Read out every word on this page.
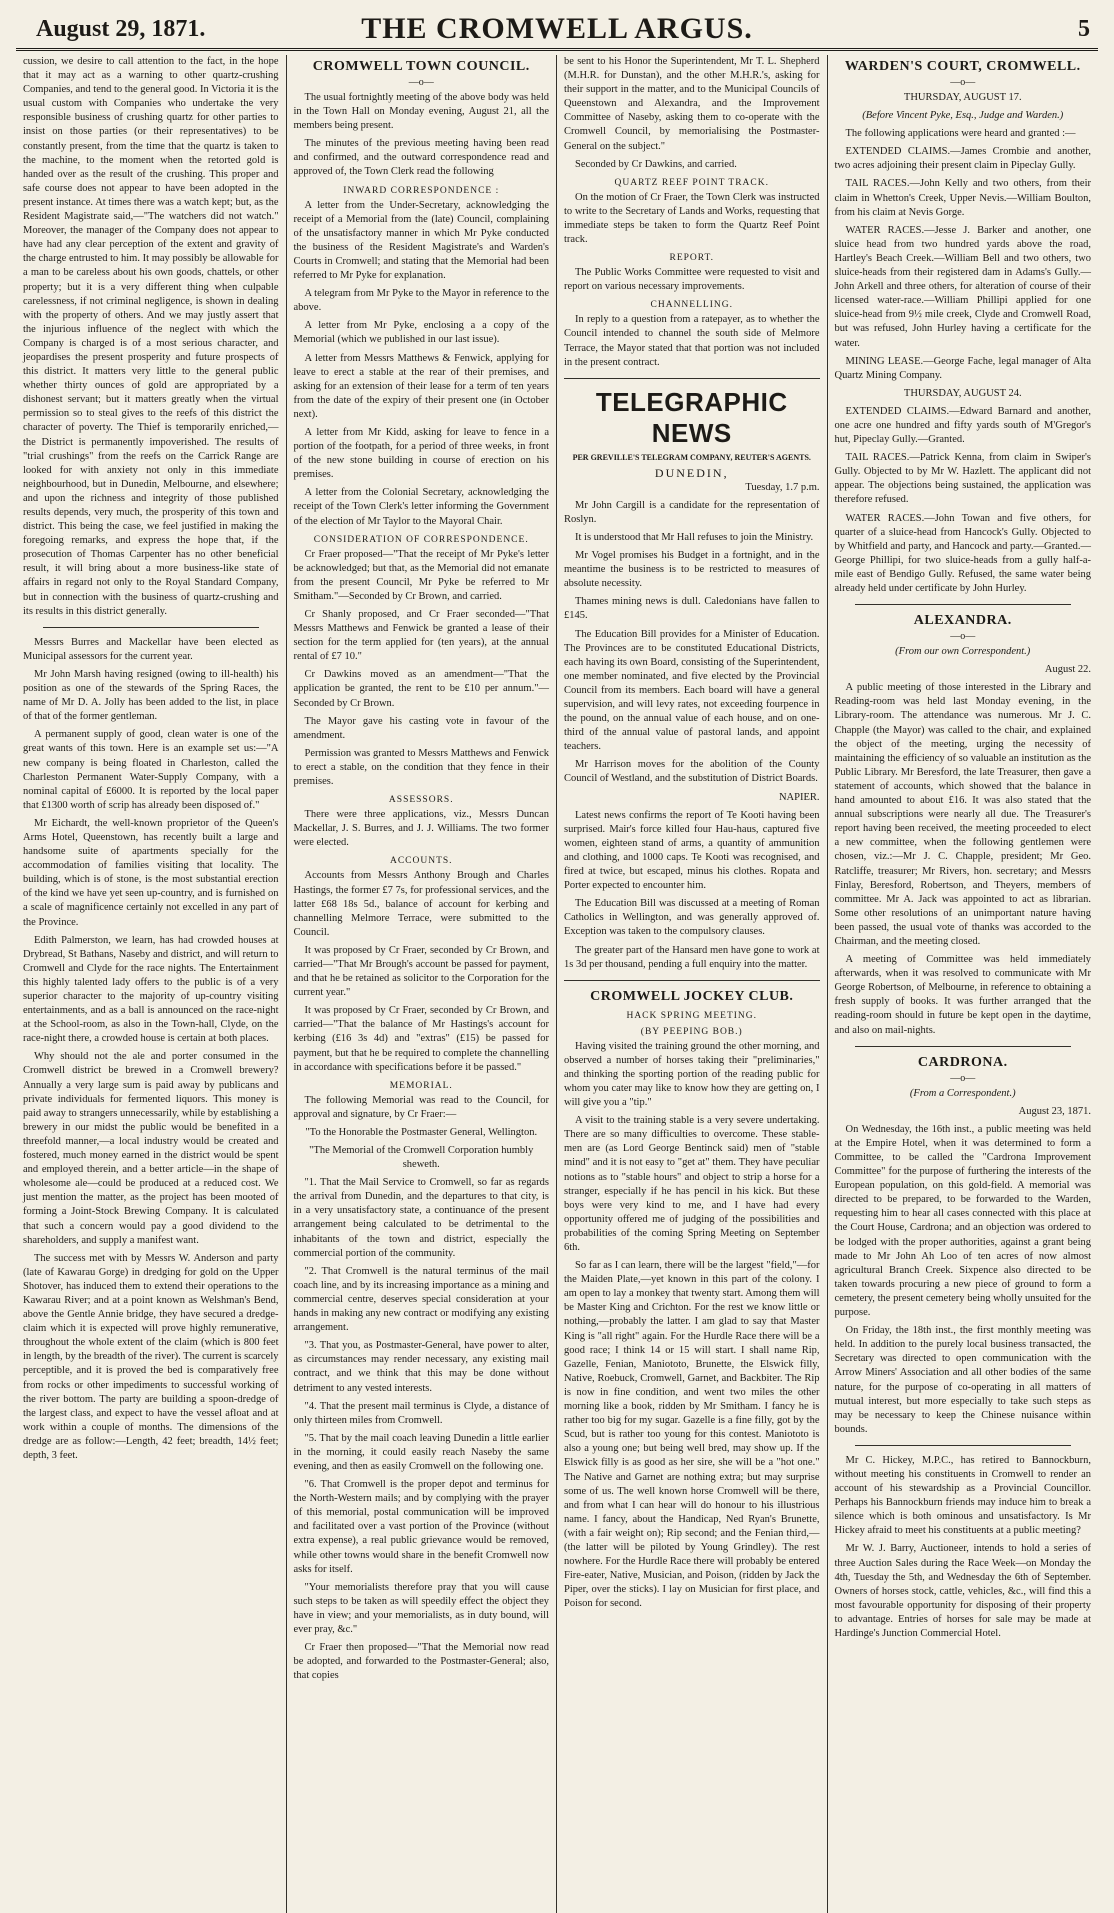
August 29, 1871.	THE CROMWELL ARGUS.	5

cussion, we desire to call attention to the fact, in the hope that it may act as a warning to other quartz-crushing Companies, and tend to the general good. In Victoria it is the usual custom with Companies who undertake the very responsible business of crushing quartz for other parties to insist on those parties (or their representatives) to be constantly present, from the time that the quartz is taken to the machine, to the moment when the retorted gold is handed over as the result of the crushing. This proper and safe course does not appear to have been adopted in the present instance. At times there was a watch kept; but, as the Resident Magistrate said,—"The watchers did not watch." Moreover, the manager of the Company does not appear to have had any clear perception of the extent and gravity of the charge entrusted to him. It may possibly be allowable for a man to be careless about his own goods, chattels, or other property; but it is a very different thing when culpable carelessness, if not criminal negligence, is shown in dealing with the property of others. And we may justly assert that the injurious influence of the neglect with which the Company is charged is of a most serious character, and jeopardises the present prosperity and future prospects of this district. It matters very little to the general public whether thirty ounces of gold are appropriated by a dishonest servant; but it matters greatly when the virtual permission so to steal gives to the reefs of this district the character of poverty. The Thief is temporarily enriched,—the District is permanently impoverished. The results of "trial crushings" from the reefs on the Carrick Range are looked for with anxiety not only in this immediate neighbourhood, but in Dunedin, Melbourne, and elsewhere; and upon the richness and integrity of those published results depends, very much, the prosperity of this town and district. This being the case, we feel justified in making the foregoing remarks, and express the hope that, if the prosecution of Thomas Carpenter has no other beneficial result, it will bring about a more business-like state of affairs in regard not only to the Royal Standard Company, but in connection with the business of quartz-crushing and its results in this district generally.

Messrs Burres and Mackellar have been elected as Municipal assessors for the current year.

Mr John Marsh having resigned (owing to ill-health) his position as one of the stewards of the Spring Races, the name of Mr D. A. Jolly has been added to the list, in place of that of the former gentleman.

A permanent supply of good, clean water is one of the great wants of this town. Here is an example set us:—"A new company is being floated in Charleston, called the Charleston Permanent Water-Supply Company, with a nominal capital of £6000. It is reported by the local paper that £1300 worth of scrip has already been disposed of."

Mr Eichardt, the well-known proprietor of the Queen's Arms Hotel, Queenstown, has recently built a large and handsome suite of apartments specially for the accommodation of families visiting that locality. The building, which is of stone, is the most substantial erection of the kind we have yet seen up-country, and is furnished on a scale of magnificence certainly not excelled in any part of the Province.

Edith Palmerston, we learn, has had crowded houses at Drybread, St Bathans, Naseby and district, and will return to Cromwell and Clyde for the race nights. The Entertainment this highly talented lady offers to the public is of a very superior character to the majority of up-country visiting entertainments, and as a ball is announced on the race-night at the School-room, as also in the Town-hall, Clyde, on the race-night there, a crowded house is certain at both places.

Why should not the ale and porter consumed in the Cromwell district be brewed in a Cromwell brewery? Annually a very large sum is paid away by publicans and private individuals for fermented liquors. This money is paid away to strangers unnecessarily, while by establishing a brewery in our midst the public would be benefited in a threefold manner,—a local industry would be created and fostered, much money earned in the district would be spent and employed therein, and a better article—in the shape of wholesome ale—could be produced at a reduced cost. We just mention the matter, as the project has been mooted of forming a Joint-Stock Brewing Company. It is calculated that such a concern would pay a good dividend to the shareholders, and supply a manifest want.

The success met with by Messrs W. Anderson and party (late of Kawarau Gorge) in dredging for gold on the Upper Shotover, has induced them to extend their operations to the Kawarau River; and at a point known as Welshman's Bend, above the Gentle Annie bridge, they have secured a dredge-claim which it is expected will prove highly remunerative, throughout the whole extent of the claim (which is 800 feet in length, by the breadth of the river). The current is scarcely perceptible, and it is proved the bed is comparatively free from rocks or other impediments to successful working of the river bottom. The party are building a spoon-dredge of the largest class, and expect to have the vessel afloat and at work within a couple of months. The dimensions of the dredge are as follow:—Length, 42 feet; breadth, 14½ feet; depth, 3 feet.

CROMWELL TOWN COUNCIL.
—o—

The usual fortnightly meeting of the above body was held in the Town Hall on Monday evening, August 21, all the members being present.

The minutes of the previous meeting having been read and confirmed, and the outward correspondence read and approved of, the Town Clerk read the following

INWARD CORRESPONDENCE :

A letter from the Under-Secretary, acknowledging the receipt of a Memorial from the (late) Council, complaining of the unsatisfactory manner in which Mr Pyke conducted the business of the Resident Magistrate's and Warden's Courts in Cromwell; and stating that the Memorial had been referred to Mr Pyke for explanation.

A telegram from Mr Pyke to the Mayor in reference to the above.

A letter from Mr Pyke, enclosing a a copy of the Memorial (which we published in our last issue).

A letter from Messrs Matthews & Fenwick, applying for leave to erect a stable at the rear of their premises, and asking for an extension of their lease for a term of ten years from the date of the expiry of their present one (in October next).

A letter from Mr Kidd, asking for leave to fence in a portion of the footpath, for a period of three weeks, in front of the new stone building in course of erection on his premises.

A letter from the Colonial Secretary, acknowledging the receipt of the Town Clerk's letter informing the Government of the election of Mr Taylor to the Mayoral Chair.

CONSIDERATION OF CORRESPONDENCE.

Cr Fraer proposed—"That the receipt of Mr Pyke's letter be acknowledged; but that, as the Memorial did not emanate from the present Council, Mr Pyke be referred to Mr Smitham."—Seconded by Cr Brown, and carried.

Cr Shanly proposed, and Cr Fraer seconded—"That Messrs Matthews and Fenwick be granted a lease of their section for the term applied for (ten years), at the annual rental of £7 10."

Cr Dawkins moved as an amendment—"That the application be granted, the rent to be £10 per annum."—Seconded by Cr Brown.

The Mayor gave his casting vote in favour of the amendment.

Permission was granted to Messrs Matthews and Fenwick to erect a stable, on the condition that they fence in their premises.

ASSESSORS.

There were three applications, viz., Messrs Duncan Mackellar, J. S. Burres, and J. J. Williams. The two former were elected.

ACCOUNTS.

Accounts from Messrs Anthony Brough and Charles Hastings, the former £7 7s, for professional services, and the latter £68 18s 5d., balance of account for kerbing and channelling Melmore Terrace, were submitted to the Council.

It was proposed by Cr Fraer, seconded by Cr Brown, and carried—"That Mr Brough's account be passed for payment, and that he be retained as solicitor to the Corporation for the current year."

It was proposed by Cr Fraer, seconded by Cr Brown, and carried—"That the balance of Mr Hastings's account for kerbing (£16 3s 4d) and "extras" (£15) be passed for payment, but that he be required to complete the channelling in accordance with specifications before it be passed."

MEMORIAL.

The following Memorial was read to the Council, for approval and signature, by Cr Fraer:—

"To the Honorable the Postmaster General, Wellington.

"The Memorial of the Cromwell Corporation humbly sheweth.

"1. That the Mail Service to Cromwell, so far as regards the arrival from Dunedin, and the departures to that city, is in a very unsatisfactory state, a continuance of the present arrangement being calculated to be detrimental to the inhabitants of the town and district, especially the commercial portion of the community.

"2. That Cromwell is the natural terminus of the mail coach line, and by its increasing importance as a mining and commercial centre, deserves special consideration at your hands in making any new contract or modifying any existing arrangement.

"3. That you, as Postmaster-General, have power to alter, as circumstances may render necessary, any existing mail contract, and we think that this may be done without detriment to any vested interests.

"4. That the present mail terminus is Clyde, a distance of only thirteen miles from Cromwell.

"5. That by the mail coach leaving Dunedin a little earlier in the morning, it could easily reach Naseby the same evening, and then as easily Cromwell on the following one.

"6. That Cromwell is the proper depot and terminus for the North-Western mails; and by complying with the prayer of this memorial, postal communication will be improved and facilitated over a vast portion of the Province (without extra expense), a real public grievance would be removed, while other towns would share in the benefit Cromwell now asks for itself.

"Your memorialists therefore pray that you will cause such steps to be taken as will speedily effect the object they have in view; and your memorialists, as in duty bound, will ever pray, &c."

Cr Fraer then proposed—"That the Memorial now read be adopted, and forwarded to the Postmaster-General; also, that copies

be sent to his Honor the Superintendent, Mr T. L. Shepherd (M.H.R. for Dunstan), and the other M.H.R.'s, asking for their support in the matter, and to the Municipal Councils of Queenstown and Alexandra, and the Improvement Committee of Naseby, asking them to co-operate with the Cromwell Council, by memorialising the Postmaster-General on the subject."

Seconded by Cr Dawkins, and carried.

QUARTZ REEF POINT TRACK.

On the motion of Cr Fraer, the Town Clerk was instructed to write to the Secretary of Lands and Works, requesting that immediate steps be taken to form the Quartz Reef Point track.

REPORT.

The Public Works Committee were requested to visit and report on various necessary improvements.

CHANNELLING.

In reply to a question from a ratepayer, as to whether the Council intended to channel the south side of Melmore Terrace, the Mayor stated that that portion was not included in the present contract.

TELEGRAPHIC NEWS
PER GREVILLE'S TELEGRAM COMPANY, REUTER'S AGENTS.
DUNEDIN,

Tuesday, 1.7 p.m.

Mr John Cargill is a candidate for the representation of Roslyn.

It is understood that Mr Hall refuses to join the Ministry.

Mr Vogel promises his Budget in a fortnight, and in the meantime the business is to be restricted to measures of absolute necessity.

Thames mining news is dull. Caledonians have fallen to £145.

The Education Bill provides for a Minister of Education. The Provinces are to be constituted Educational Districts, each having its own Board, consisting of the Superintendent, one member nominated, and five elected by the Provincial Council from its members. Each board will have a general supervision, and will levy rates, not exceeding fourpence in the pound, on the annual value of each house, and on one-third of the annual value of pastoral lands, and appoint teachers.

Mr Harrison moves for the abolition of the County Council of Westland, and the substitution of District Boards.

NAPIER.

Latest news confirms the report of Te Kooti having been surprised. Mair's force killed four Hau-haus, captured five women, eighteen stand of arms, a quantity of ammunition and clothing, and 1000 caps. Te Kooti was recognised, and fired at twice, but escaped, minus his clothes. Ropata and Porter expected to encounter him.

The Education Bill was discussed at a meeting of Roman Catholics in Wellington, and was generally approved of. Exception was taken to the compulsory clauses.

The greater part of the Hansard men have gone to work at 1s 3d per thousand, pending a full enquiry into the matter.

CROMWELL JOCKEY CLUB.
HACK SPRING MEETING.
(BY PEEPING BOB.)

Having visited the training ground the other morning, and observed a number of horses taking their "preliminaries," and thinking the sporting portion of the reading public for whom you cater may like to know how they are getting on, I will give you a "tip."

A visit to the training stable is a very severe undertaking. There are so many difficulties to overcome. These stable-men are (as Lord George Bentinck said) men of "stable mind" and it is not easy to "get at" them. They have peculiar notions as to "stable hours" and object to strip a horse for a stranger, especially if he has pencil in his kick. But these boys were very kind to me, and I have had every opportunity offered me of judging of the possibilities and probabilities of the coming Spring Meeting on September 6th.

So far as I can learn, there will be the largest "field,"—for the Maiden Plate,—yet known in this part of the colony. I am open to lay a monkey that twenty start. Among them will be Master King and Crichton. For the rest we know little or nothing,—probably the latter. I am glad to say that Master King is "all right" again. For the Hurdle Race there will be a good race; I think 14 or 15 will start. I shall name Rip, Gazelle, Fenian, Maniototo, Brunette, the Elswick filly, Native, Roebuck, Cromwell, Garnet, and Backbiter. The Rip is now in fine condition, and went two miles the other morning like a book, ridden by Mr Smitham. I fancy he is rather too big for my sugar. Gazelle is a fine filly, got by the Scud, but is rather too young for this contest. Maniototo is also a young one; but being well bred, may show up. If the Elswick filly is as good as her sire, she will be a "hot one." The Native and Garnet are nothing extra; but may surprise some of us. The well known horse Cromwell will be there, and from what I can hear will do honour to his illustrious name. I fancy, about the Handicap, Ned Ryan's Brunette, (with a fair weight on); Rip second; and the Fenian third,—(the latter will be piloted by Young Grindley). The rest nowhere. For the Hurdle Race there will probably be entered Fire-eater, Native, Musician, and Poison, (ridden by Jack the Piper, over the sticks). I lay on Musician for first place, and Poison for second.

WARDEN'S COURT, CROMWELL.
—o—

THURSDAY, AUGUST 17.

(Before Vincent Pyke, Esq., Judge and Warden.)

The following applications were heard and granted :—

EXTENDED CLAIMS.—James Crombie and another, two acres adjoining their present claim in Pipeclay Gully.

TAIL RACES.—John Kelly and two others, from their claim in Whetton's Creek, Upper Nevis.—William Boulton, from his claim at Nevis Gorge.

WATER RACES.—Jesse J. Barker and another, one sluice head from two hundred yards above the road, Hartley's Beach Creek.—William Bell and two others, two sluice-heads from their registered dam in Adams's Gully.—John Arkell and three others, for alteration of course of their licensed water-race.—William Phillipi applied for one sluice-head from 9½ mile creek, Clyde and Cromwell Road, but was refused, John Hurley having a certificate for the water.

MINING LEASE.—George Fache, legal manager of Alta Quartz Mining Company.

THURSDAY, AUGUST 24.

EXTENDED CLAIMS.—Edward Barnard and another, one acre one hundred and fifty yards south of M'Gregor's hut, Pipeclay Gully.—Granted.

TAIL RACES.—Patrick Kenna, from claim in Swiper's Gully. Objected to by Mr W. Hazlett. The applicant did not appear. The objections being sustained, the application was therefore refused.

WATER RACES.—John Towan and five others, for quarter of a sluice-head from Hancock's Gully. Objected to by Whitfield and party, and Hancock and party.—Granted.—George Phillipi, for two sluice-heads from a gully half-a-mile east of Bendigo Gully. Refused, the same water being already held under certificate by John Hurley.

ALEXANDRA.
—o—

(From our own Correspondent.)

August 22.

A public meeting of those interested in the Library and Reading-room was held last Monday evening, in the Library-room. The attendance was numerous. Mr J. C. Chapple (the Mayor) was called to the chair, and explained the object of the meeting, urging the necessity of maintaining the efficiency of so valuable an institution as the Public Library. Mr Beresford, the late Treasurer, then gave a statement of accounts, which showed that the balance in hand amounted to about £16. It was also stated that the annual subscriptions were nearly all due. The Treasurer's report having been received, the meeting proceeded to elect a new committee, when the following gentlemen were chosen, viz.:—Mr J. C. Chapple, president; Mr Geo. Ratcliffe, treasurer; Mr Rivers, hon. secretary; and Messrs Finlay, Beresford, Robertson, and Theyers, members of committee. Mr A. Jack was appointed to act as librarian. Some other resolutions of an unimportant nature having been passed, the usual vote of thanks was accorded to the Chairman, and the meeting closed.

A meeting of Committee was held immediately afterwards, when it was resolved to communicate with Mr George Robertson, of Melbourne, in reference to obtaining a fresh supply of books. It was further arranged that the reading-room should in future be kept open in the daytime, and also on mail-nights.

CARDRONA.
—o—

(From a Correspondent.)

August 23, 1871.

On Wednesday, the 16th inst., a public meeting was held at the Empire Hotel, when it was determined to form a Committee, to be called the "Cardrona Improvement Committee" for the purpose of furthering the interests of the European population, on this gold-field. A memorial was directed to be prepared, to be forwarded to the Warden, requesting him to hear all cases connected with this place at the Court House, Cardrona; and an objection was ordered to be lodged with the proper authorities, against a grant being made to Mr John Ah Loo of ten acres of now almost agricultural Branch Creek. Sixpence also directed to be taken towards procuring a new piece of ground to form a cemetery, the present cemetery being wholly unsuited for the purpose.

On Friday, the 18th inst., the first monthly meeting was held. In addition to the purely local business transacted, the Secretary was directed to open communication with the Arrow Miners' Association and all other bodies of the same nature, for the purpose of co-operating in all matters of mutual interest, but more especially to take such steps as may be necessary to keep the Chinese nuisance within bounds.

Mr C. Hickey, M.P.C., has retired to Bannockburn, without meeting his constituents in Cromwell to render an account of his stewardship as a Provincial Councillor. Perhaps his Bannockburn friends may induce him to break a silence which is both ominous and unsatisfactory. Is Mr Hickey afraid to meet his constituents at a public meeting?

Mr W. J. Barry, Auctioneer, intends to hold a series of three Auction Sales during the Race Week—on Monday the 4th, Tuesday the 5th, and Wednesday the 6th of September. Owners of horses stock, cattle, vehicles, &c., will find this a most favourable opportunity for disposing of their property to advantage. Entries of horses for sale may be made at Hardinge's Junction Commercial Hotel.
